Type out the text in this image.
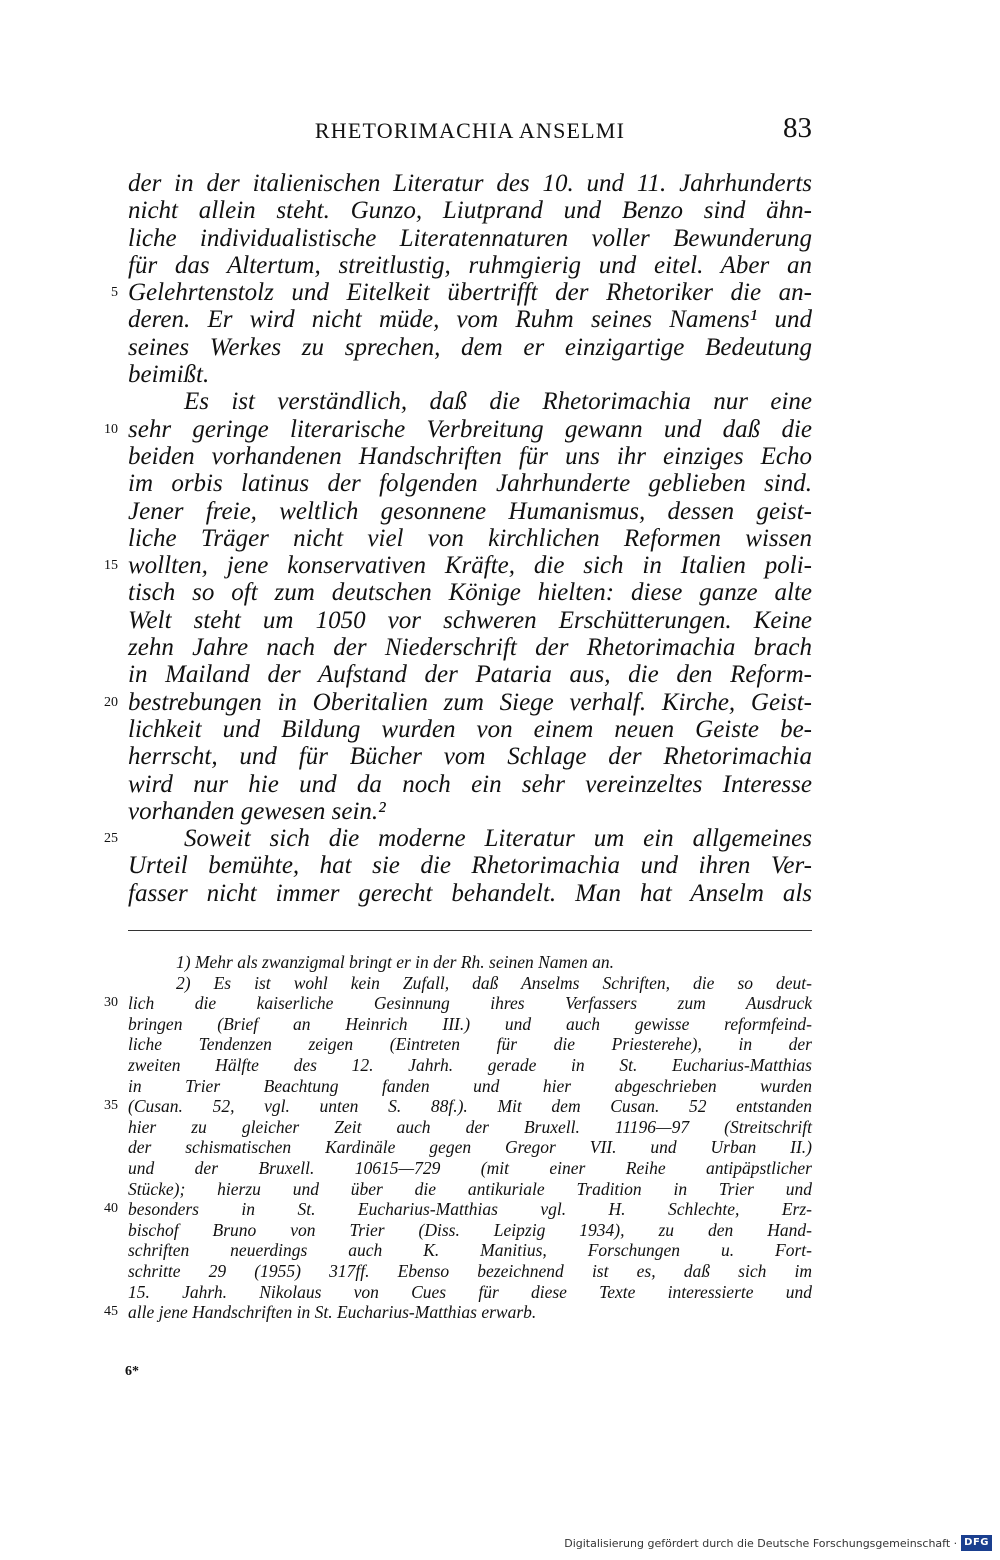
RHETORIMACHIA ANSELMI	83
der in der italienischen Literatur des 10. und 11. Jahrhunderts
nicht allein steht. Gunzo, Liutprand und Benzo sind ähn-
liche individualistische Literatennaturen voller Bewunderung
für das Altertum, streitlustig, ruhmgierig und eitel. Aber an
5 Gelehrtenstolz und Eitelkeit übertrifft der Rhetoriker die an-
deren. Er wird nicht müde, vom Ruhm seines Namens¹ und
seines Werkes zu sprechen, dem er einzigartige Bedeutung
beimißt.
Es ist verständlich, daß die Rhetorimachia nur eine
10 sehr geringe literarische Verbreitung gewann und daß die
beiden vorhandenen Handschriften für uns ihr einziges Echo
im orbis latinus der folgenden Jahrhunderte geblieben sind.
Jener freie, weltlich gesonnene Humanismus, dessen geist-
liche Träger nicht viel von kirchlichen Reformen wissen
15 wollten, jene konservativen Kräfte, die sich in Italien poli-
tisch so oft zum deutschen Könige hielten: diese ganze alte
Welt steht um 1050 vor schweren Erschütterungen. Keine
zehn Jahre nach der Niederschrift der Rhetorimachia brach
in Mailand der Aufstand der Pataria aus, die den Reform-
20 bestrebungen in Oberitalien zum Siege verhalf. Kirche, Geist-
lichkeit und Bildung wurden von einem neuen Geiste be-
herrscht, und für Bücher vom Schlage der Rhetorimachia
wird nur hie und da noch ein sehr vereinzeltes Interesse
vorhanden gewesen sein.²
25	Soweit sich die moderne Literatur um ein allgemeines
Urteil bemühte, hat sie die Rhetorimachia und ihren Ver-
fasser nicht immer gerecht behandelt. Man hat Anselm als
1) Mehr als zwanzigmal bringt er in der Rh. seinen Namen an.
2) Es ist wohl kein Zufall, daß Anselms Schriften, die so deut-
30 lich die kaiserliche Gesinnung ihres Verfassers zum Ausdruck
bringen (Brief an Heinrich III.) und auch gewisse reformfeind-
liche Tendenzen zeigen (Eintreten für die Priesterehe), in der
zweiten Hälfte des 12. Jahrh. gerade in St. Eucharius-Matthias
in Trier Beachtung fanden und hier abgeschrieben wurden
35 (Cusan. 52, vgl. unten S. 88f.). Mit dem Cusan. 52 entstanden
hier zu gleicher Zeit auch der Bruxell. 11196—97 (Streitschrift
der schismatischen Kardinäle gegen Gregor VII. und Urban II.)
und der Bruxell. 10615—729 (mit einer Reihe antipäpstlicher
Stücke); hierzu und über die antikuriale Tradition in Trier und
40 besonders in St. Eucharius-Matthias vgl. H. Schlechte, Erz-
bischof Bruno von Trier (Diss. Leipzig 1934), zu den Hand-
schriften neuerdings auch K. Manitius, Forschungen u. Fort-
schritte 29 (1955) 317ff. Ebenso bezeichnend ist es, daß sich im
15. Jahrh. Nikolaus von Cues für diese Texte interessierte und
45 alle jene Handschriften in St. Eucharius-Matthias erwarb.
6*
Digitalisierung gefördert durch die Deutsche Forschungsgemeinschaft · DFG
